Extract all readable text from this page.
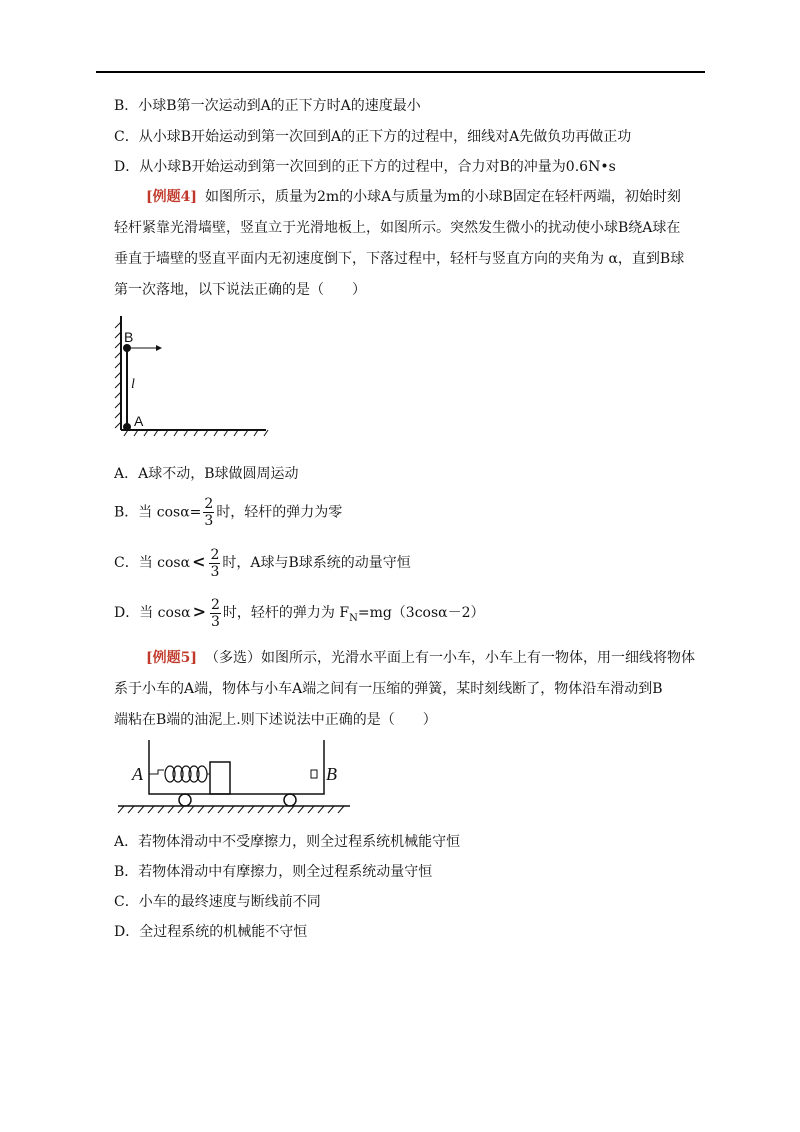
B．小球B第一次运动到A的正下方时A的速度最小
C．从小球B开始运动到第一次回到A的正下方的过程中，细线对A先做负功再做正功
D．从小球B开始运动到第一次回到的正下方的过程中，合力对B的冲量为0.6N•s
[例题4] 如图所示，质量为2m的小球A与质量为m的小球B固定在轻杆两端，初始时刻
轻杆紧靠光滑墙壁，竖直立于光滑地板上，如图所示。突然发生微小的扰动使小球B绕A球在
垂直于墙壁的竖直平面内无初速度倒下，下落过程中，轻杆与竖直方向的夹角为 α，直到B球
第一次落地，以下说法正确的是（　　）
B
A
l
A．A球不动，B球做圆周运动
B．当 $\cos\alpha= \frac{2}{3}$ 时，轻杆的弹力为零
C．当 $\cos\alpha < \frac{2}{3}$ 时，A球与B球系统的动量守恒
D．当 $\cos\alpha > \frac{2}{3}$ 时，轻杆的弹力为 $F_N=mg(3\cos\alpha-2)$
[例题5] （多选）如图所示，光滑水平面上有一小车，小车上有一物体，用一细线将物体
系于小车的A端，物体与小车A端之间有一压缩的弹簧，某时刻线断了，物体沿车滑动到B
端粘在B端的油泥上.则下述说法中正确的是（　　）
A	B
A．若物体滑动中不受摩擦力，则全过程系统机械能守恒
B．若物体滑动中有摩擦力，则全过程系统动量守恒
C．小车的最终速度与断线前不同
D．全过程系统的机械能不守恒
